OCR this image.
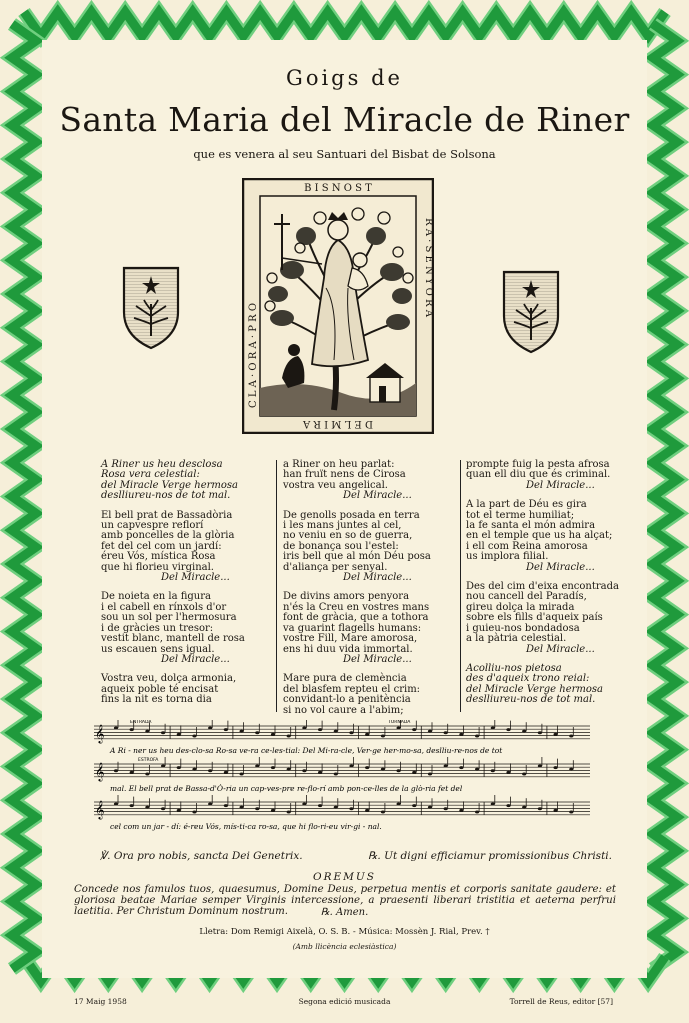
Goigs de
Santa Maria del Miracle de Riner
que es venera al seu Santuari del Bisbat de Solsona
B I S N O S T
D E L M I R A
R A · S E N Y O R A
C L A · O R A · P R O
A Riner us heu desclosa
Rosa vera celestial:
del Miracle Verge hermosa
deslliureu-nos de tot mal.
El bell prat de Bassadòria
un capvespre reflorí
amb poncelles de la glòria
fet del cel com un jardí:
éreu Vós, mística Rosa
que hi florieu virginal.
Del Miracle...
De noieta en la figura
i el cabell en rínxols d'or
sou un sol per l'hermosura
i de gràcies un tresor:
vestit blanc, mantell de rosa
us escauen sens igual.
Del Miracle...
Vostra veu, dolça armonia,
aqueix poble té encisat
fins la nit es torna dia
a Riner on heu parlat:
han fruït nens de Cirosa
vostra veu angelical.
Del Miracle...
De genolls posada en terra
i les mans juntes al cel,
no veniu en so de guerra,
de bonança sou l'estel:
iris bell que al món Déu posa
d'aliança per senyal.
Del Miracle...
De divins amors penyora
n'és la Creu en vostres mans
font de gràcia, que a tothora
va guarint flagells humans:
vostre Fill, Mare amorosa,
ens hi duu vida immortal.
Del Miracle...
Mare pura de clemència
del blasfem repteu el crim:
convidant-lo a penitència
si no vol caure a l'abim;
prompte fuig la pesta afrosa
quan ell diu que és criminal.
Del Miracle...
A la part de Déu es gira
tot el terme humiliat;
la fe santa el món admira
en el temple que us ha alçat;
i ell com Reina amorosa
us implora filial.
Del Miracle...
Des del cim d'eixa encontrada
nou cancell del Paradís,
gireu dolça la mirada
sobre els fills d'aqueix país
i guieu-nos bondadosa
a la pàtria celestial.
Del Miracle...
Acolliu-nos pietosa
des d'aqueix trono reial:
del Miracle Verge hermosa
deslliureu-nos de tot mal.
𝄞
A Ri - ner us heu des-clo-sa Ro-sa ve-ra ce-les-tial: Del Mi-ra-cle, Ver-ge her-mo-sa, deslliu-re-nos de tot
𝄞
mal. El bell prat de Bassa-d'Ò-ria un cap-ves-pre re-flo-rí amb pon-ce-lles de la glò-ria fet del
𝄞
cel com un jar - dí: é-reu Vós, mís-ti-ca ro-sa, que hi flo-ri-eu vir-gi - nal.
ENTRADA	TORNADA
ESTROFA
℣. Ora pro nobis, sancta Dei Genetrix.	℞. Ut digni efficiamur promissionibus Christi.
OREMUS
Concede nos famulos tuos, quaesumus, Domine Deus, perpetua mentis et corporis sanitate gaudere: et gloriosa beatae Mariae semper Virginis intercessione, a praesenti liberari tristitia et aeterna perfrui laetitia. Per Christum Dominum nostrum.	℞. Amen.
Lletra: Dom Remigi Aixelà, O. S. B. - Música: Mossèn J. Rial, Prev. †
(Amb llicència eclesiàstica)
17 Maig 1958	Segona edició musicada	Torrell de Reus, editor [57]
